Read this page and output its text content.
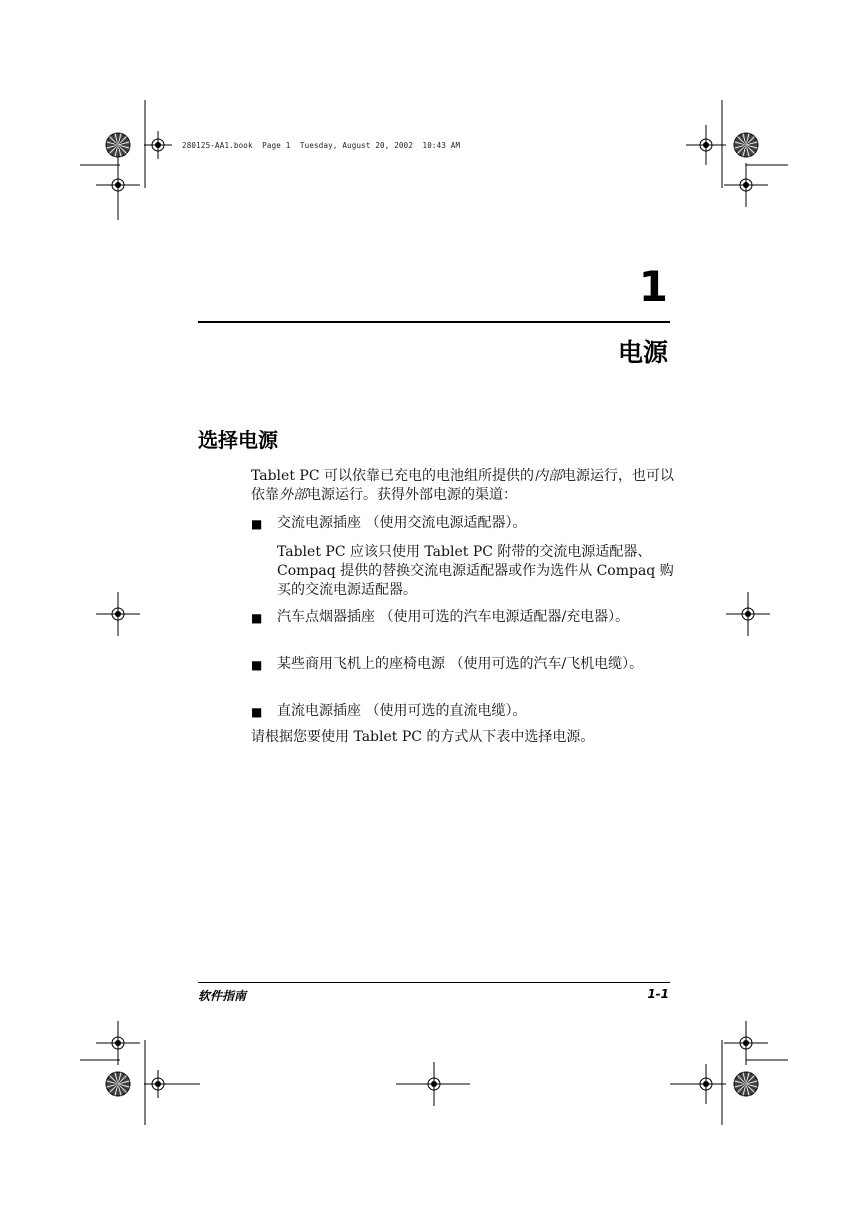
280125-AA1.book  Page 1  Tuesday, August 20, 2002  10:43 AM
1
电源
选择电源
Tablet PC 可以依靠已充电的电池组所提供的内部电源运行，也可以依靠外部电源运行。获得外部电源的渠道：
■ 交流电源插座 （使用交流电源适配器）。
Tablet PC 应该只使用 Tablet PC 附带的交流电源适配器、Compaq 提供的替换交流电源适配器或作为选件从 Compaq 购买的交流电源适配器。
■ 汽车点烟器插座 （使用可选的汽车电源适配器/充电器）。
■ 某些商用飞机上的座椅电源 （使用可选的汽车/飞机电缆）。
■ 直流电源插座 （使用可选的直流电缆）。
请根据您要使用 Tablet PC 的方式从下表中选择电源。
软件指南	1-1
